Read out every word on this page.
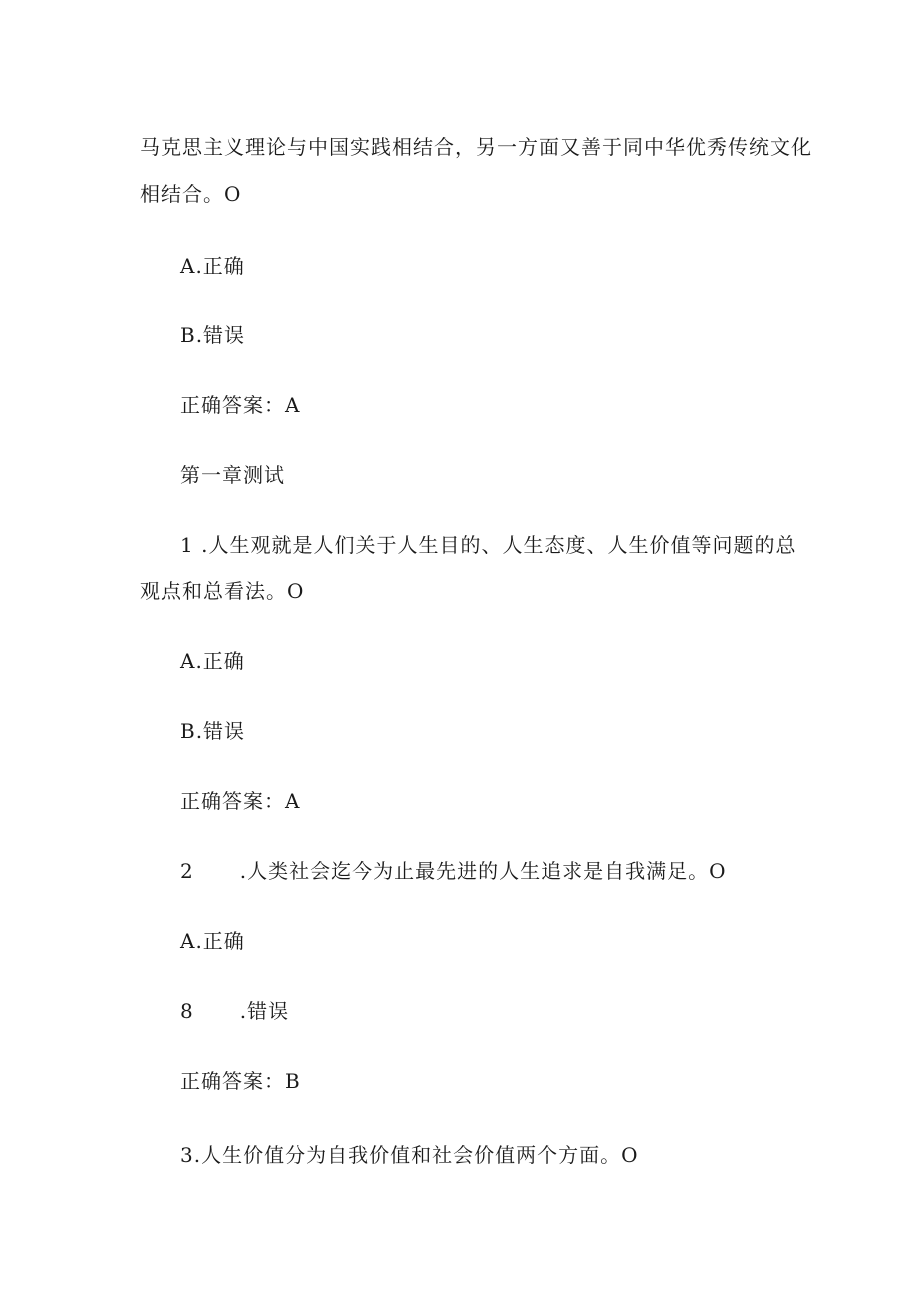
马克思主义理论与中国实践相结合，另一方面又善于同中华优秀传统文化
相结合。O
A.正确
B.错误
正确答案：A
第一章测试
1 .人生观就是人们关于人生目的、人生态度、人生价值等问题的总
观点和总看法。O
A.正确
B.错误
正确答案：A
2 .人类社会迄今为止最先进的人生追求是自我满足。O
A.正确
8 .错误
正确答案：B
3.人生价值分为自我价值和社会价值两个方面。O
